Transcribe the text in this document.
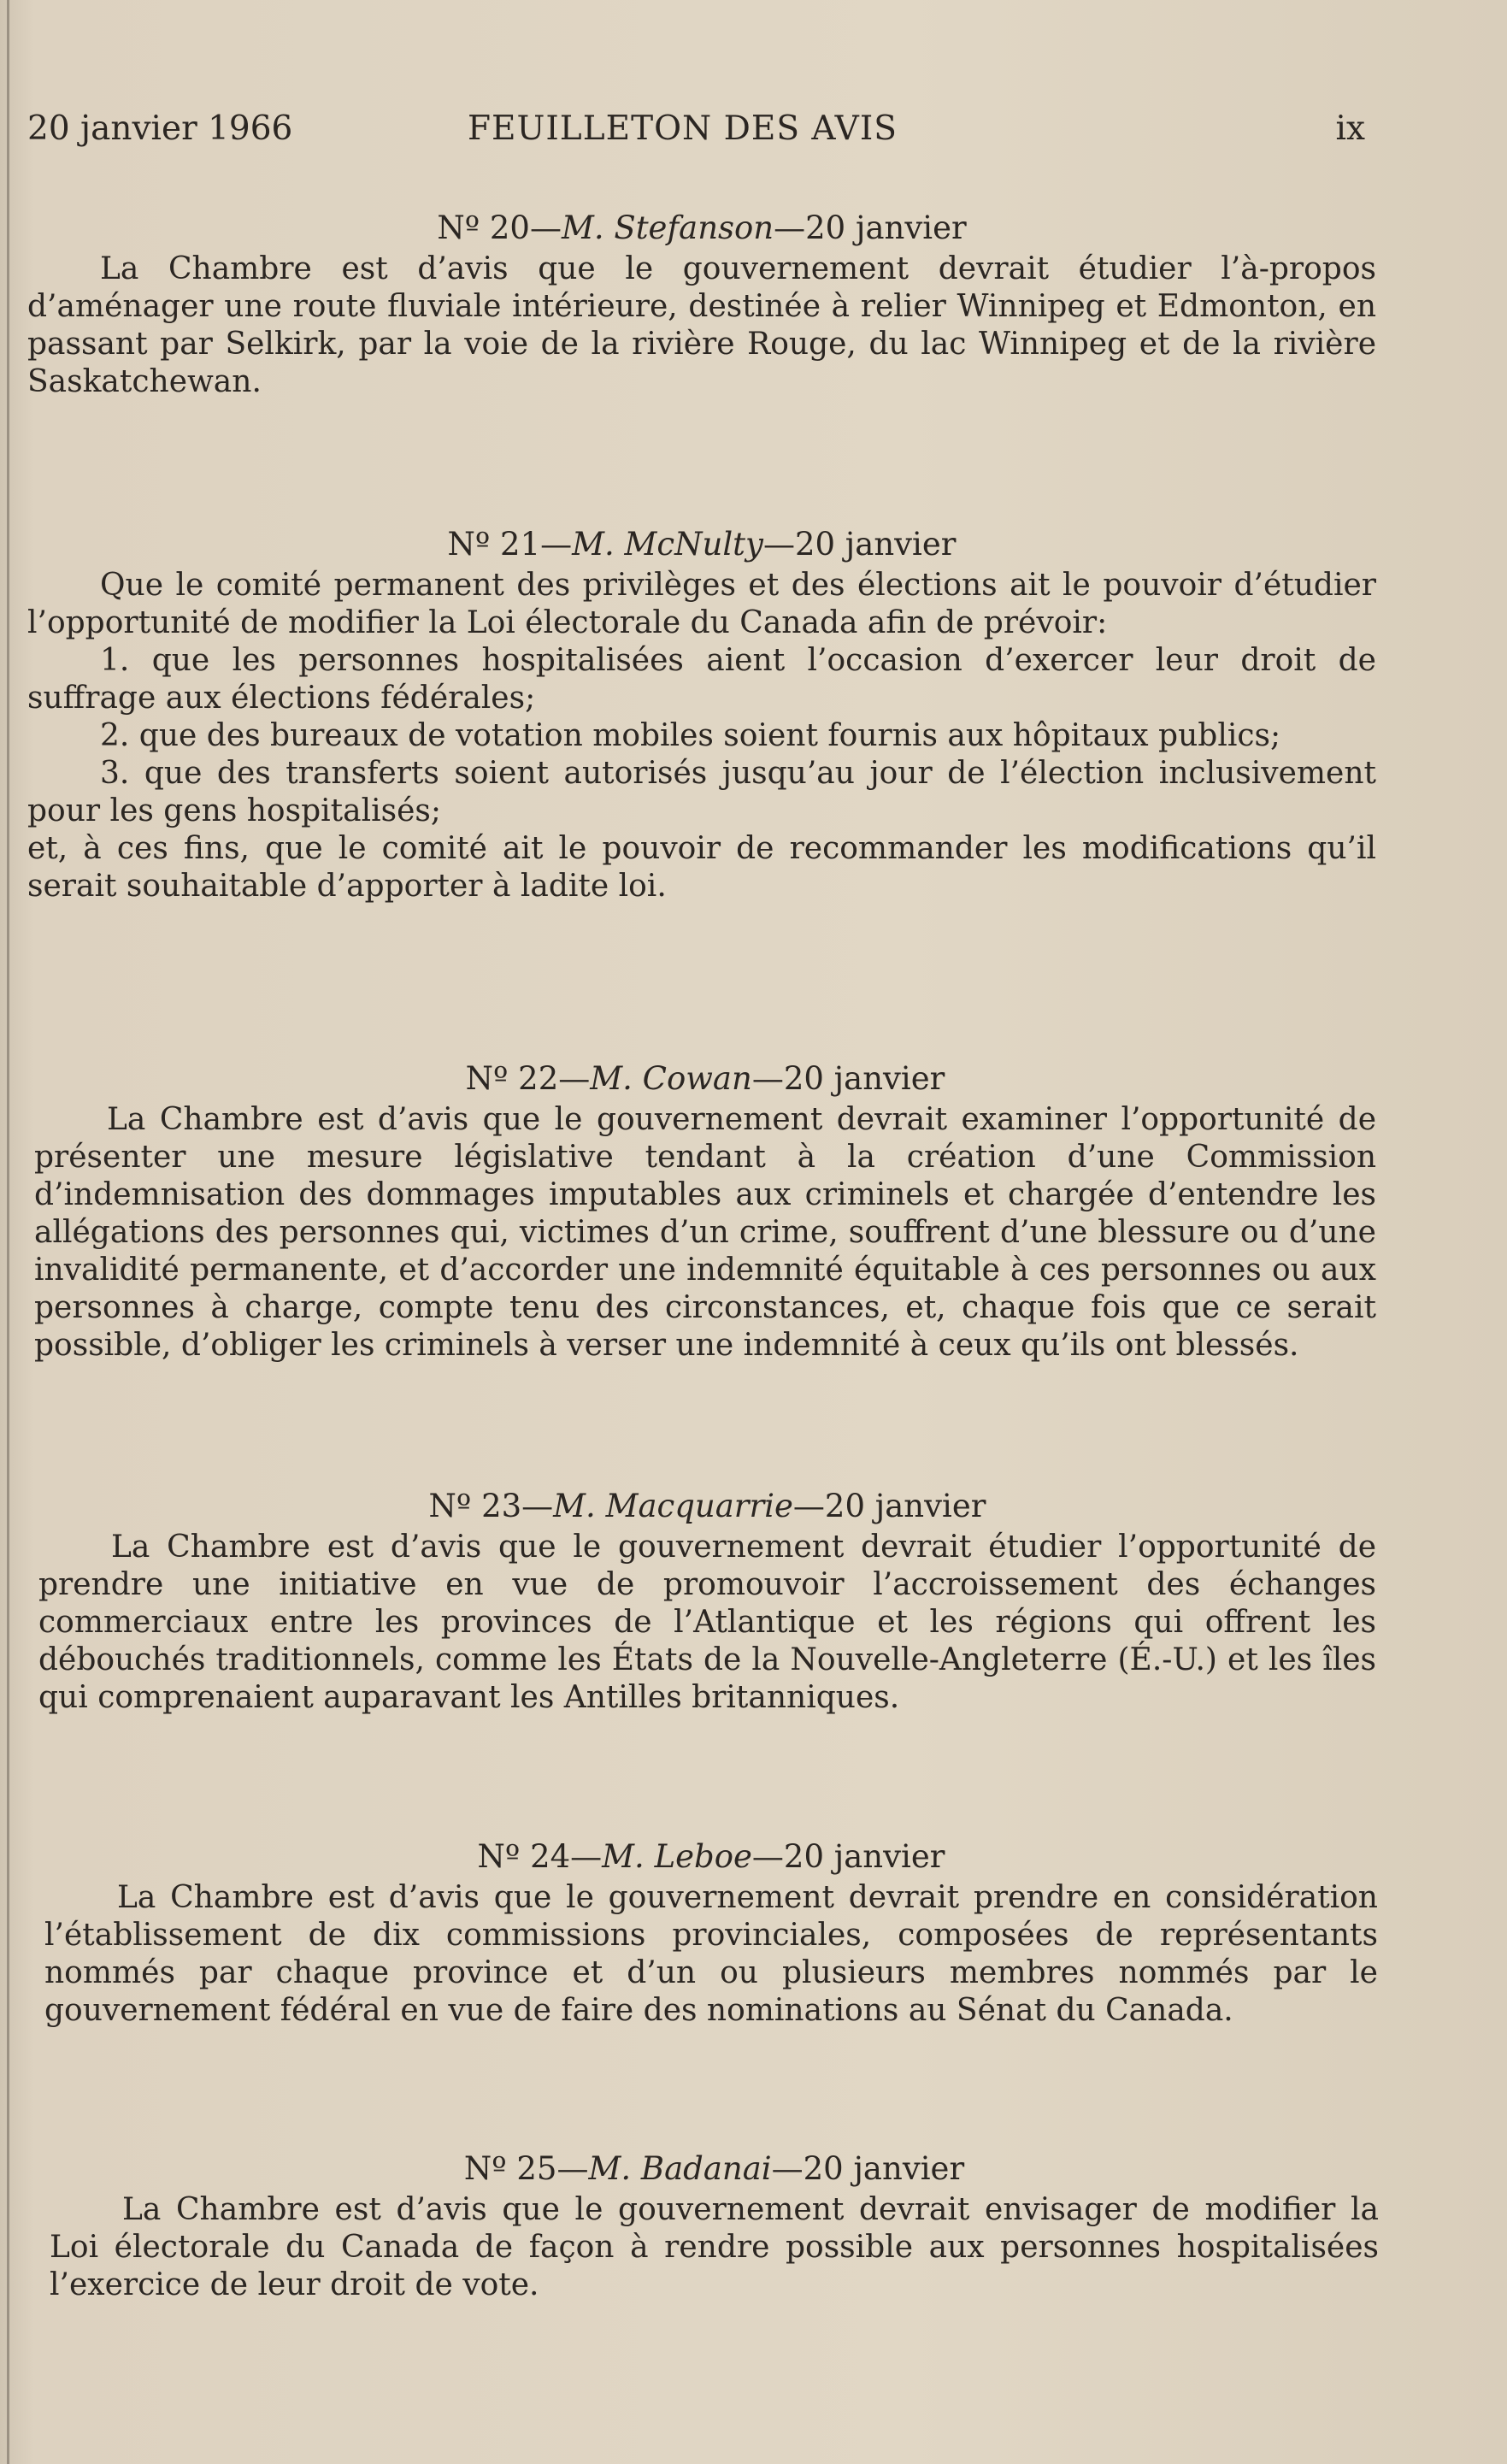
20 janvier 1966	FEUILLETON DES AVIS	ix
Nº 20—M. Stefanson—20 janvier

La Chambre est d’avis que le gouvernement devrait étudier l’à-propos d’aménager une route fluviale intérieure, destinée à relier Winnipeg et Edmonton, en passant par Selkirk, par la voie de la rivière Rouge, du lac Winnipeg et de la rivière Saskatchewan.

Nº 21—M. McNulty—20 janvier

Que le comité permanent des privilèges et des élections ait le pouvoir d’étudier l’opportunité de modifier la Loi électorale du Canada afin de prévoir:

1. que les personnes hospitalisées aient l’occasion d’exercer leur droit de suffrage aux élections fédérales;

2. que des bureaux de votation mobiles soient fournis aux hôpitaux publics;

3. que des transferts soient autorisés jusqu’au jour de l’élection inclusivement pour les gens hospitalisés;

et, à ces fins, que le comité ait le pouvoir de recommander les modifications qu’il serait souhaitable d’apporter à ladite loi.

Nº 22—M. Cowan—20 janvier

La Chambre est d’avis que le gouvernement devrait examiner l’opportunité de présenter une mesure législative tendant à la création d’une Commission d’indemnisation des dommages imputables aux criminels et chargée d’entendre les allégations des personnes qui, victimes d’un crime, souffrent d’une blessure ou d’une invalidité permanente, et d’accorder une indemnité équitable à ces personnes ou aux personnes à charge, compte tenu des circonstances, et, chaque fois que ce serait possible, d’obliger les criminels à verser une indemnité à ceux qu’ils ont blessés.

Nº 23—M. Macquarrie—20 janvier

La Chambre est d’avis que le gouvernement devrait étudier l’opportunité de prendre une initiative en vue de promouvoir l’accroissement des échanges commerciaux entre les provinces de l’Atlantique et les régions qui offrent les débouchés traditionnels, comme les États de la Nouvelle-Angleterre (É.-U.) et les îles qui comprenaient auparavant les Antilles britanniques.

Nº 24—M. Leboe—20 janvier

La Chambre est d’avis que le gouvernement devrait prendre en considération l’établissement de dix commissions provinciales, composées de représentants nommés par chaque province et d’un ou plusieurs membres nommés par le gouvernement fédéral en vue de faire des nominations au Sénat du Canada.

Nº 25—M. Badanai—20 janvier

La Chambre est d’avis que le gouvernement devrait envisager de modifier la Loi électorale du Canada de façon à rendre possible aux personnes hospitalisées l’exercice de leur droit de vote.
